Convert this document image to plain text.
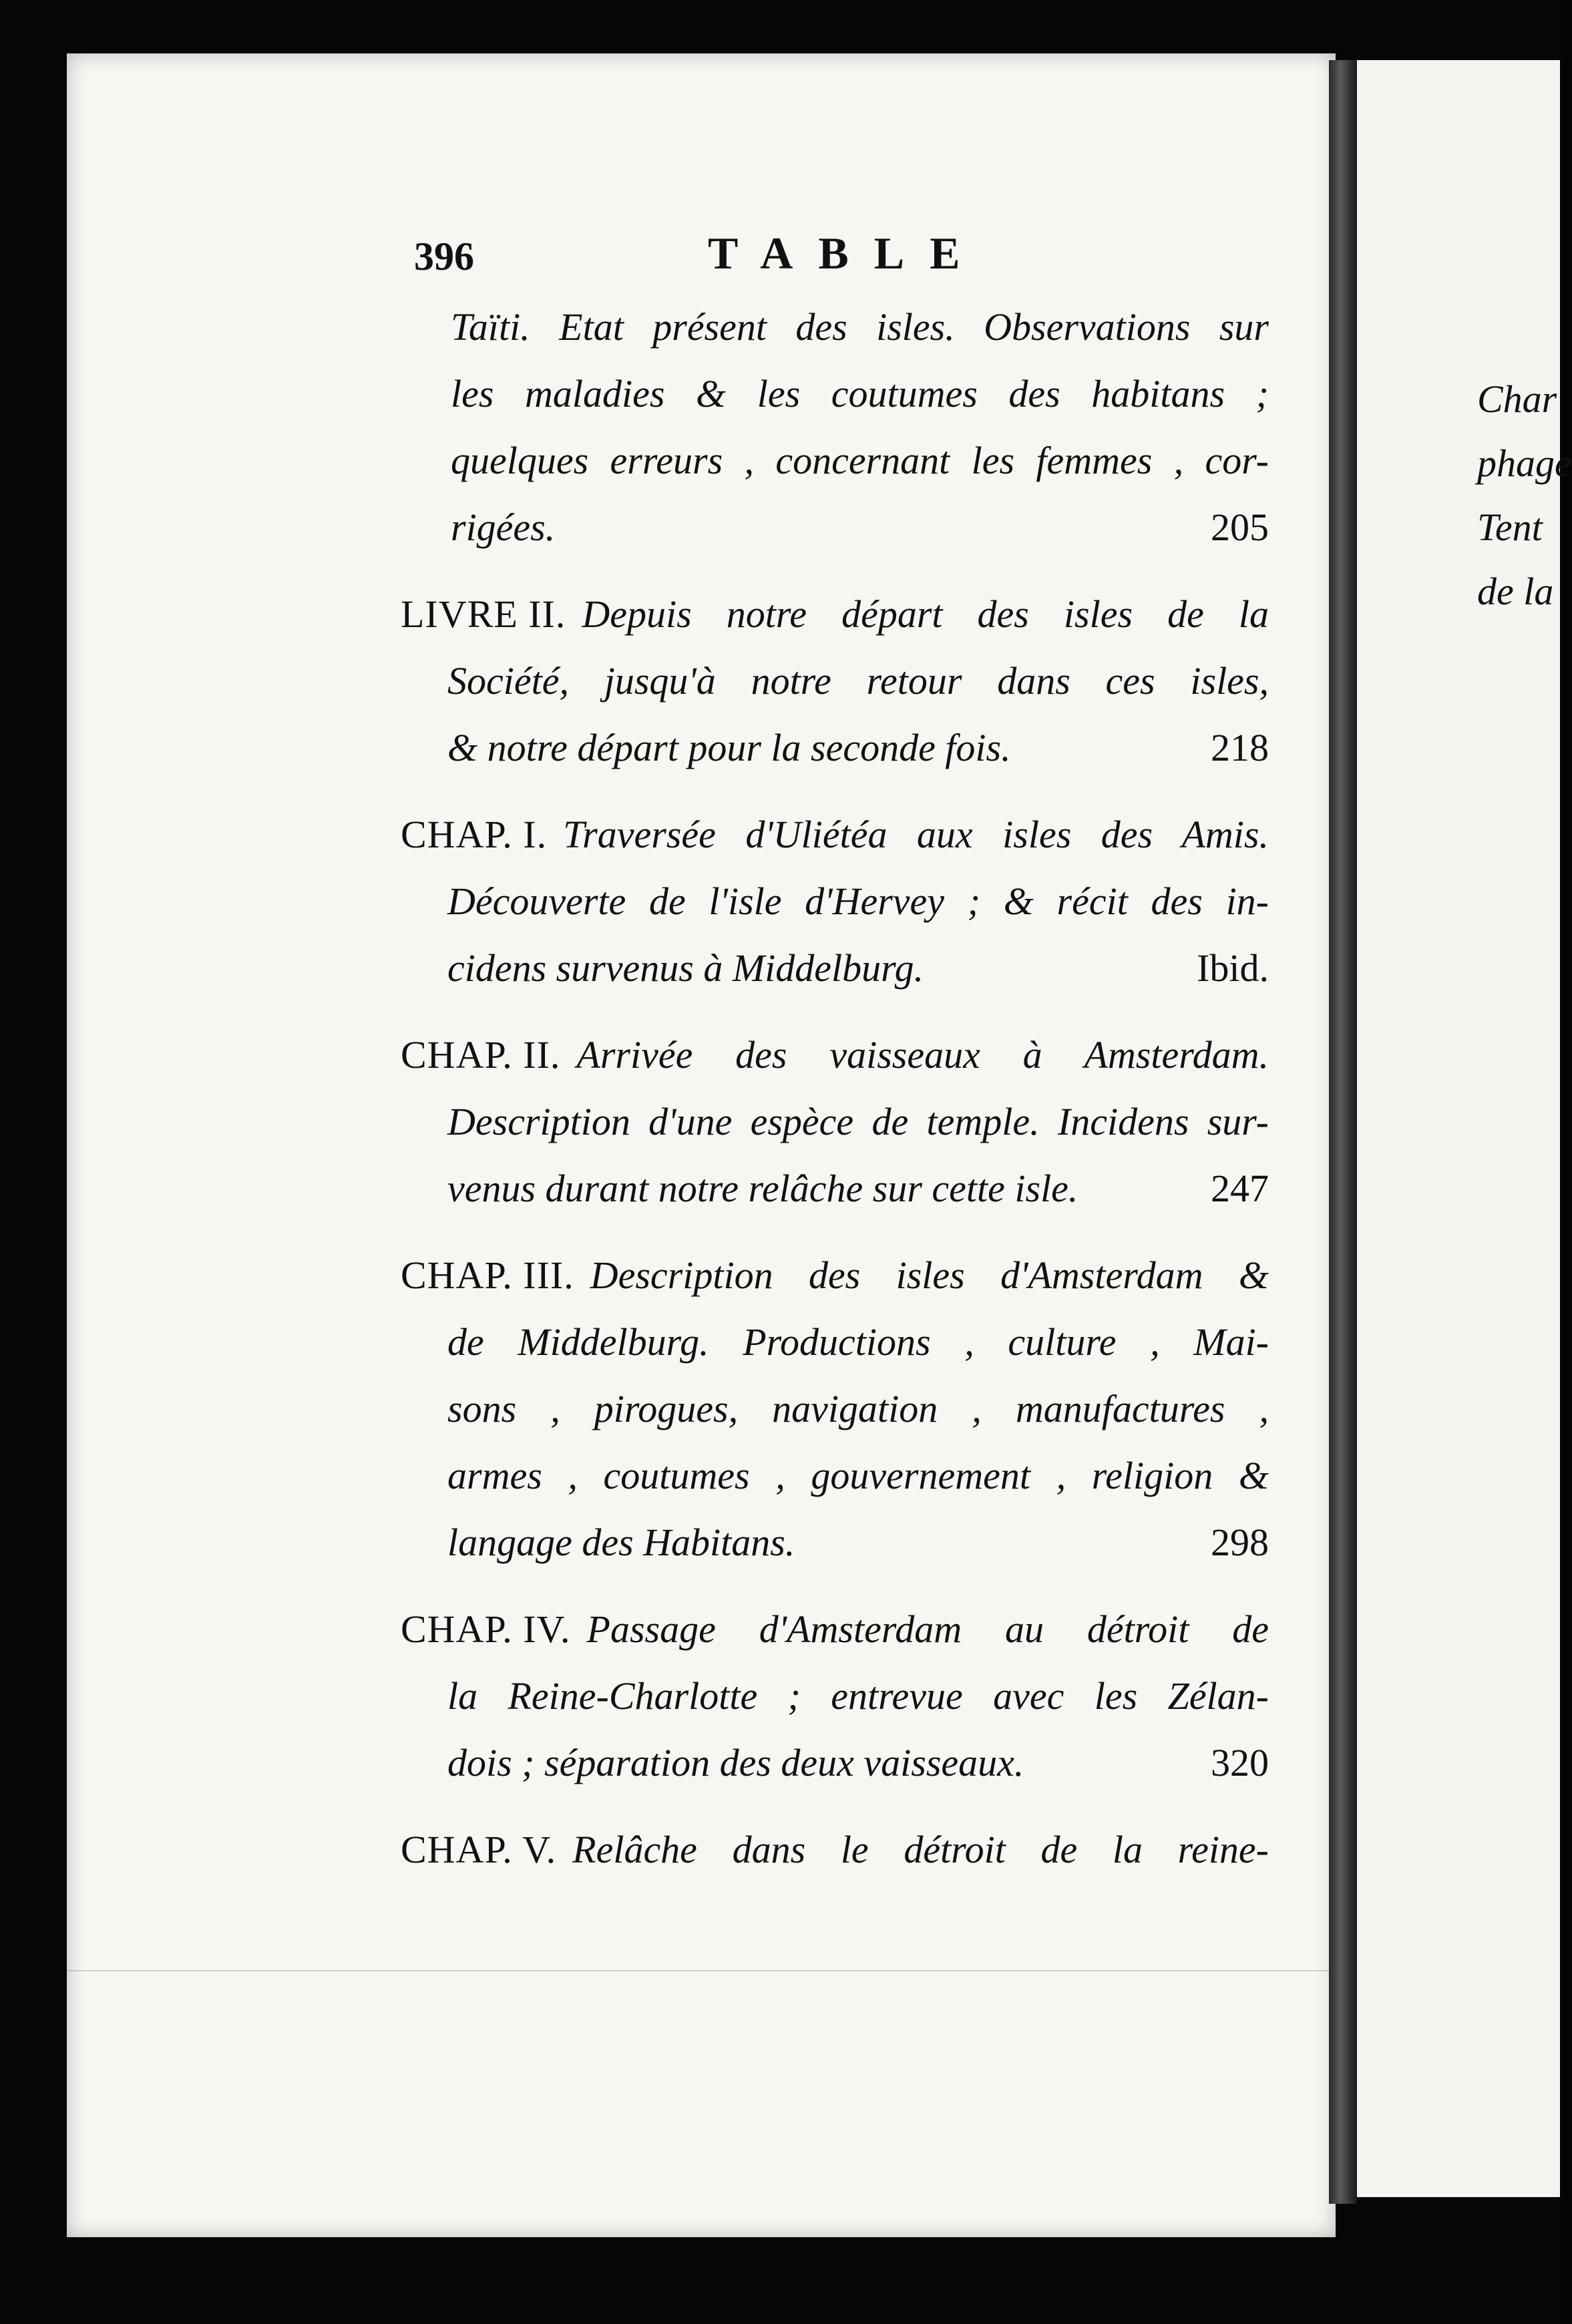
Char
phage
Tent
de la
396	TABLE
Taïti. Etat présent des isles. Observations sur
les maladies & les coutumes des habitans ;
quelques erreurs , concernant les femmes , cor-
rigées.	205
LIVRE II. Depuis notre départ des isles de la
Société, jusqu'à notre retour dans ces isles,
& notre départ pour la seconde fois.	218
CHAP. I. Traversée d'Uliétéa aux isles des Amis.
Découverte de l'isle d'Hervey ; & récit des in-
cidens survenus à Middelburg.	Ibid.
CHAP. II. Arrivée des vaisseaux à Amsterdam.
Description d'une espèce de temple. Incidens sur-
venus durant notre relâche sur cette isle.	247
CHAP. III. Description des isles d'Amsterdam &
de Middelburg. Productions , culture , Mai-
sons , pirogues, navigation , manufactures ,
armes , coutumes , gouvernement , religion &
langage des Habitans.	298
CHAP. IV. Passage d'Amsterdam au détroit de
la Reine-Charlotte ; entrevue avec les Zélan-
dois ; séparation des deux vaisseaux.	320
CHAP. V. Relâche dans le détroit de la reine-
